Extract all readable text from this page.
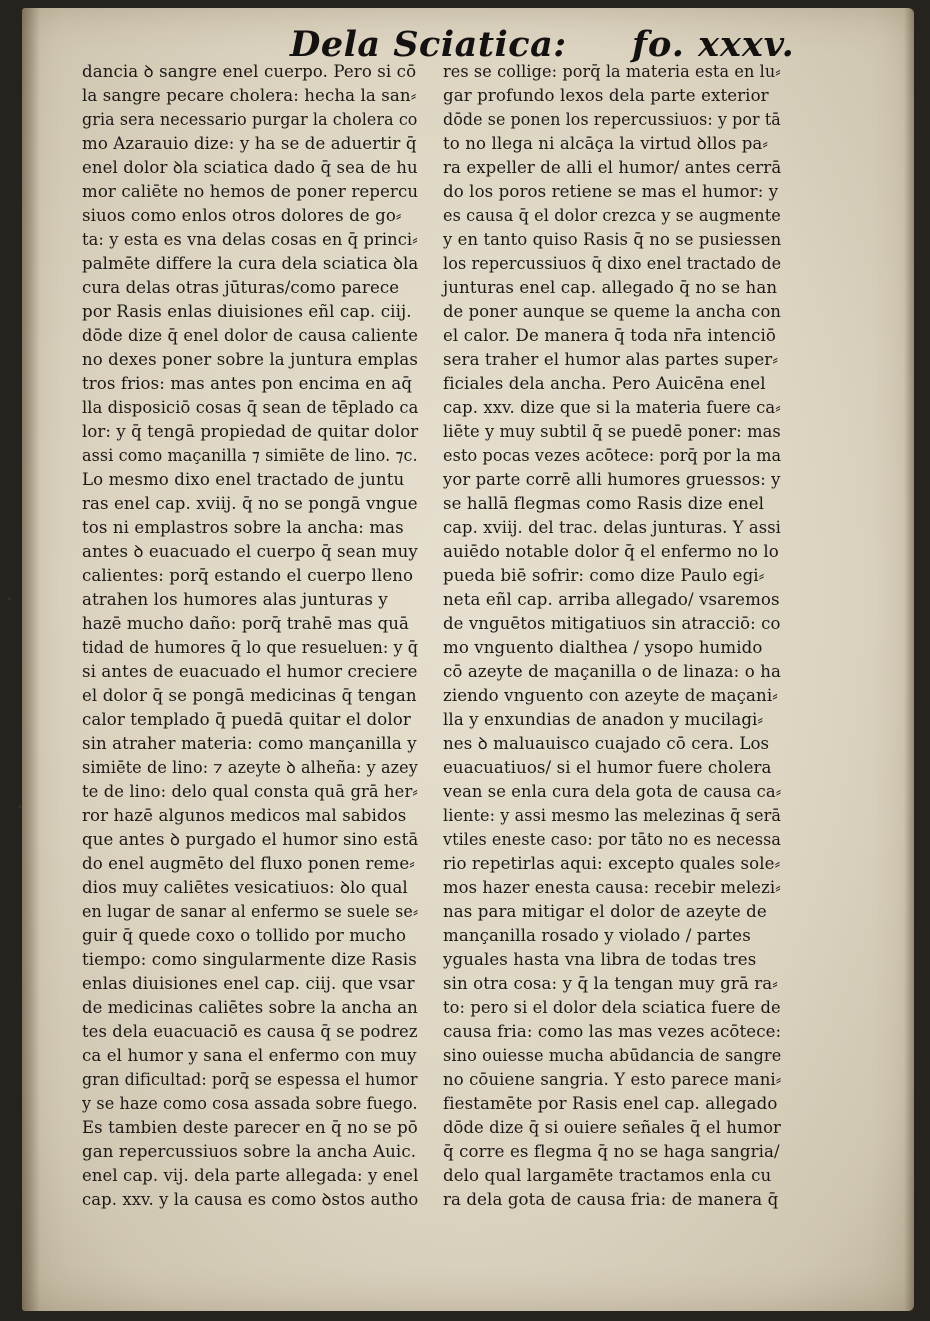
Dela Sciatica: fo. xxxv.
ᵉ
ᵒ
dancia ꝺ sangre enel cuerpo. Pero si cō
la sangre pecare cholera: hecha la san⸗
gria sera necessario purgar la cholera co
mo Azarauio dize: y ha se de aduertir q̄
enel dolor ꝺla sciatica dado q̄ sea de hu
mor caliēte no hemos de poner repercu
siuos como enlos otros dolores de go⸗
ta: y esta es vna delas cosas en q̄ princi⸗
palmēte differe la cura dela sciatica ꝺla
cura delas otras jūturas/como parece
por Rasis enlas diuisiones eñl cap. ciij.
dōde dize q̄ enel dolor de causa caliente
no dexes poner sobre la juntura emplas
tros frios: mas antes pon encima en aq̄
lla disposiciō cosas q̄ sean de tēplado ca
lor: y q̄ tengā propiedad de quitar dolor
assi como maçanilla ⁊ simiēte de lino. ⁊c.
Lo mesmo dixo enel tractado de juntu
ras enel cap. xviij. q̄ no se pongā vngue
tos ni emplastros sobre la ancha: mas
antes ꝺ euacuado el cuerpo q̄ sean muy
calientes: porq̄ estando el cuerpo lleno
atrahen los humores alas junturas y
hazē mucho daño: porq̄ trahē mas quā
tidad de humores q̄ lo que resueluen: y q̄
si antes de euacuado el humor creciere
el dolor q̄ se pongā medicinas q̄ tengan
calor templado q̄ puedā quitar el dolor
sin atraher materia: como mançanilla y
simiēte de lino: ⁊ azeyte ꝺ alheña: y azey
te de lino: delo qual consta quā grā her⸗
ror hazē algunos medicos mal sabidos
que antes ꝺ purgado el humor sino estā
do enel augmēto del fluxo ponen reme⸗
dios muy caliētes vesicatiuos: ꝺlo qual
en lugar de sanar al enfermo se suele se⸗
guir q̄ quede coxo o tollido por mucho
tiempo: como singularmente dize Rasis
enlas diuisiones enel cap. ciij. que vsar
de medicinas caliētes sobre la ancha an
tes dela euacuaciō es causa q̄ se podrez
ca el humor y sana el enfermo con muy
gran dificultad: porq̄ se espessa el humor
y se haze como cosa assada sobre fuego.
Es tambien deste parecer en q̄ no se pō
gan repercussiuos sobre la ancha Auic.
enel cap. vij. dela parte allegada: y enel
cap. xxv. y la causa es como ꝺstos autho
res se collige: porq̄ la materia esta en lu⸗
gar profundo lexos dela parte exterior
dōde se ponen los repercussiuos: y por tā
to no llega ni alcāça la virtud ꝺllos pa⸗
ra expeller de alli el humor/ antes cerrā
do los poros retiene se mas el humor: y
es causa q̄ el dolor crezca y se augmente
y en tanto quiso Rasis q̄ no se pusiessen
los repercussiuos q̄ dixo enel tractado de
junturas enel cap. allegado q̄ no se han
de poner aunque se queme la ancha con
el calor. De manera q̄ toda nr̄a intenciō
sera traher el humor alas partes super⸗
ficiales dela ancha. Pero Auicēna enel
cap. xxv. dize que si la materia fuere ca⸗
liēte y muy subtil q̄ se puedē poner: mas
esto pocas vezes acōtece: porq̄ por la ma
yor parte corrē alli humores gruessos: y
se hallā flegmas como Rasis dize enel
cap. xviij. del trac. delas junturas. Y assi
auiēdo notable dolor q̄ el enfermo no lo
pueda biē sofrir: como dize Paulo egi⸗
neta eñl cap. arriba allegado/ vsaremos
de vnguētos mitigatiuos sin atracciō: co
mo vnguento dialthea / ysopo humido
cō azeyte de maçanilla o de linaza: o ha
ziendo vnguento con azeyte de maçani⸗
lla y enxundias de anadon y mucilagi⸗
nes ꝺ maluauisco cuajado cō cera. Los
euacuatiuos/ si el humor fuere cholera
vean se enla cura dela gota de causa ca⸗
liente: y assi mesmo las melezinas q̄ serā
vtiles eneste caso: por tāto no es necessa
rio repetirlas aqui: excepto quales sole⸗
mos hazer enesta causa: recebir melezi⸗
nas para mitigar el dolor de azeyte de
mançanilla rosado y violado / partes
yguales hasta vna libra de todas tres
sin otra cosa: y q̄ la tengan muy grā ra⸗
to: pero si el dolor dela sciatica fuere de
causa fria: como las mas vezes acōtece:
sino ouiesse mucha abūdancia de sangre
no cōuiene sangria. Y esto parece mani⸗
fiestamēte por Rasis enel cap. allegado
dōde dize q̄ si ouiere señales q̄ el humor
q̄ corre es flegma q̄ no se haga sangria/
delo qual largamēte tractamos enla cu
ra dela gota de causa fria: de manera q̄
